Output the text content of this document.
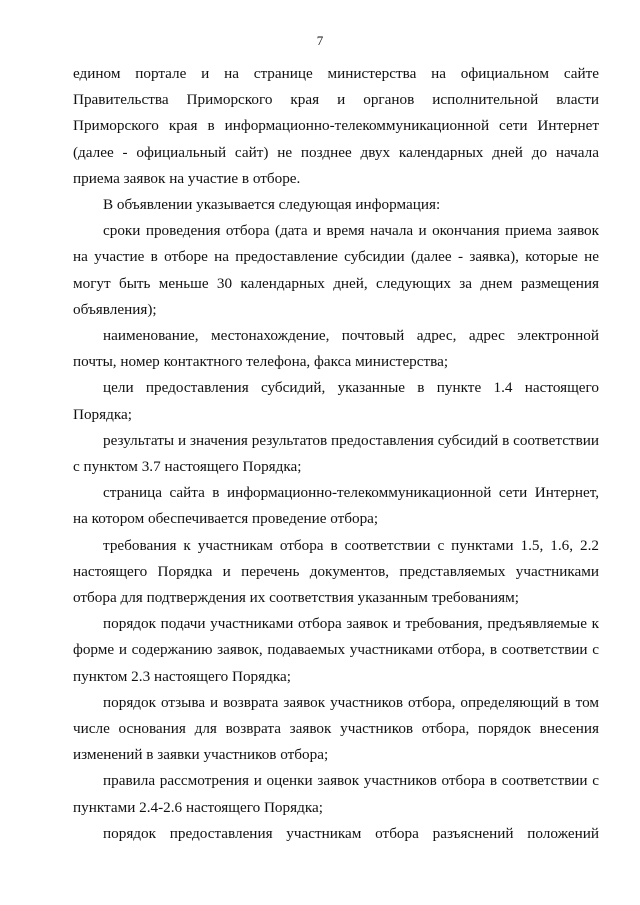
7

едином портале и на странице министерства на официальном сайте Правительства Приморского края и органов исполнительной власти Приморского края в информационно-телекоммуникационной сети Интернет (далее - официальный сайт) не позднее двух календарных дней до начала приема заявок на участие в отборе.

В объявлении указывается следующая информация:

сроки проведения отбора (дата и время начала и окончания приема заявок на участие в отборе на предоставление субсидии (далее - заявка), которые не могут быть меньше 30 календарных дней, следующих за днем размещения объявления);

наименование, местонахождение, почтовый адрес, адрес электронной почты, номер контактного телефона, факса министерства;

цели предоставления субсидий, указанные в пункте 1.4 настоящего Порядка;

результаты и значения результатов предоставления субсидий в соответствии с пунктом 3.7 настоящего Порядка;

страница сайта в информационно-телекоммуникационной сети Интернет, на котором обеспечивается проведение отбора;

требования к участникам отбора в соответствии с пунктами 1.5, 1.6, 2.2 настоящего Порядка и перечень документов, представляемых участниками отбора для подтверждения их соответствия указанным требованиям;

порядок подачи участниками отбора заявок и требования, предъявляемые к форме и содержанию заявок, подаваемых участниками отбора, в соответствии с пунктом 2.3 настоящего Порядка;

порядок отзыва и возврата заявок участников отбора, определяющий в том числе основания для возврата заявок участников отбора, порядок внесения изменений в заявки участников отбора;

правила рассмотрения и оценки заявок участников отбора в соответствии с пунктами 2.4-2.6 настоящего Порядка;

порядок предоставления участникам отбора разъяснений положений
